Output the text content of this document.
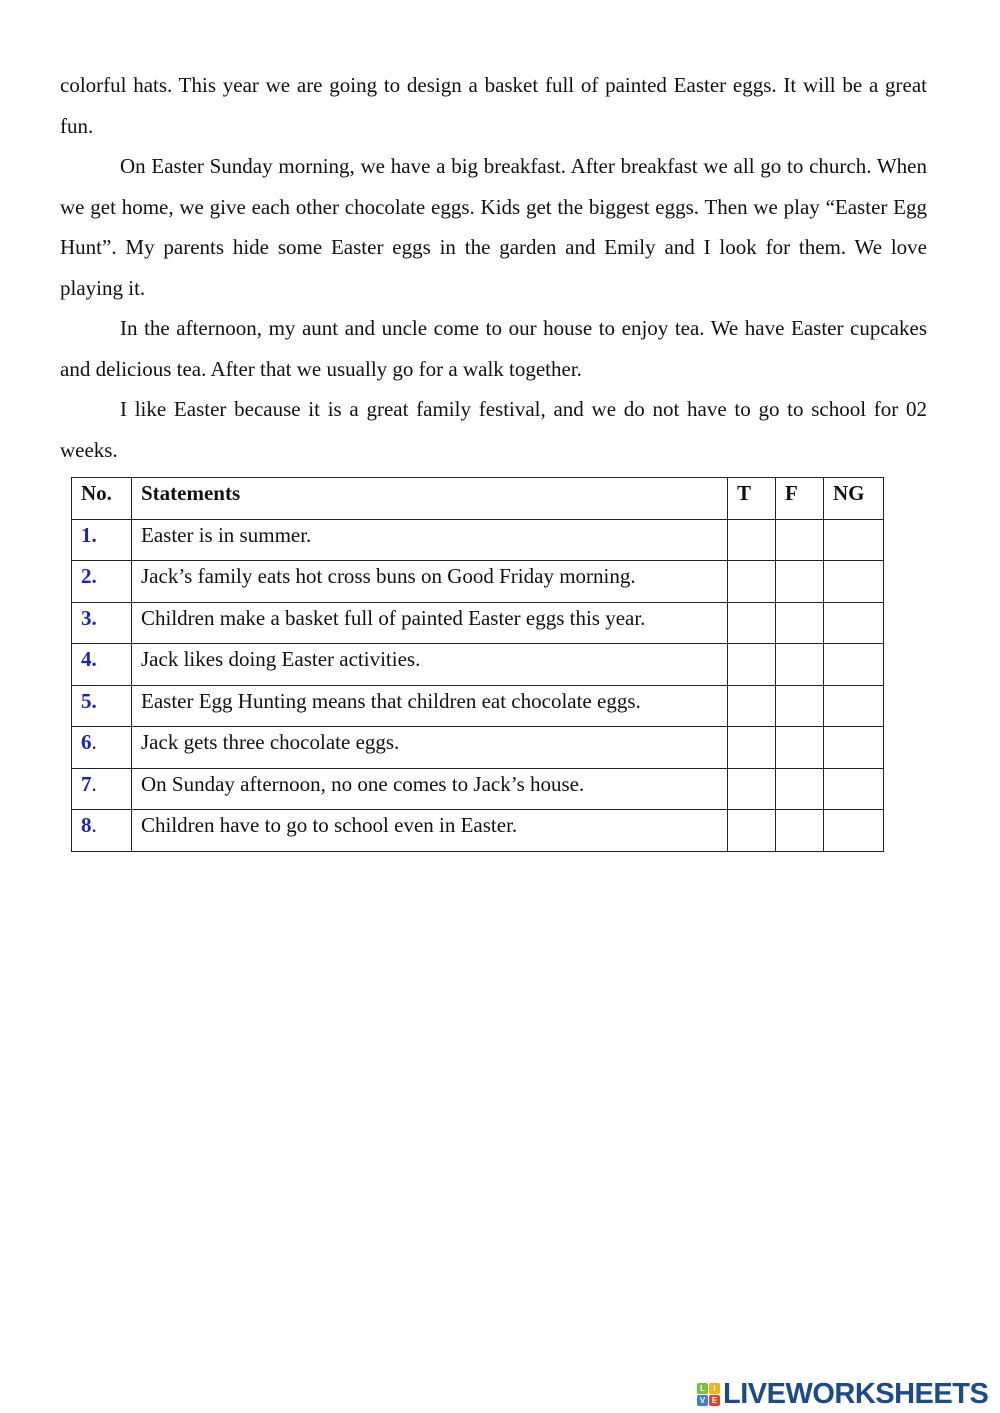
colorful hats. This year we are going to design a basket full of painted Easter eggs. It will be a great fun.

On Easter Sunday morning, we have a big breakfast. After breakfast we all go to church. When we get home, we give each other chocolate eggs. Kids get the biggest eggs. Then we play “Easter Egg Hunt”. My parents hide some Easter eggs in the garden and Emily and I look for them. We love playing it.

In the afternoon, my aunt and uncle come to our house to enjoy tea. We have Easter cupcakes and delicious tea. After that we usually go for a walk together.

I like Easter because it is a great family festival, and we do not have to go to school for 02 weeks.

No.	Statements	T	F	NG
1.	Easter is in summer.			
2.	Jack’s family eats hot cross buns on Good Friday morning.			
3.	Children make a basket full of painted Easter eggs this year.			
4.	Jack likes doing Easter activities.			
5.	Easter Egg Hunting means that children eat chocolate eggs.			
6.	Jack gets three chocolate eggs.			
7.	On Sunday afternoon, no one comes to Jack’s house.			
8.	Children have to go to school even in Easter.			
L	I
V E LIVEWORKSHEETS
